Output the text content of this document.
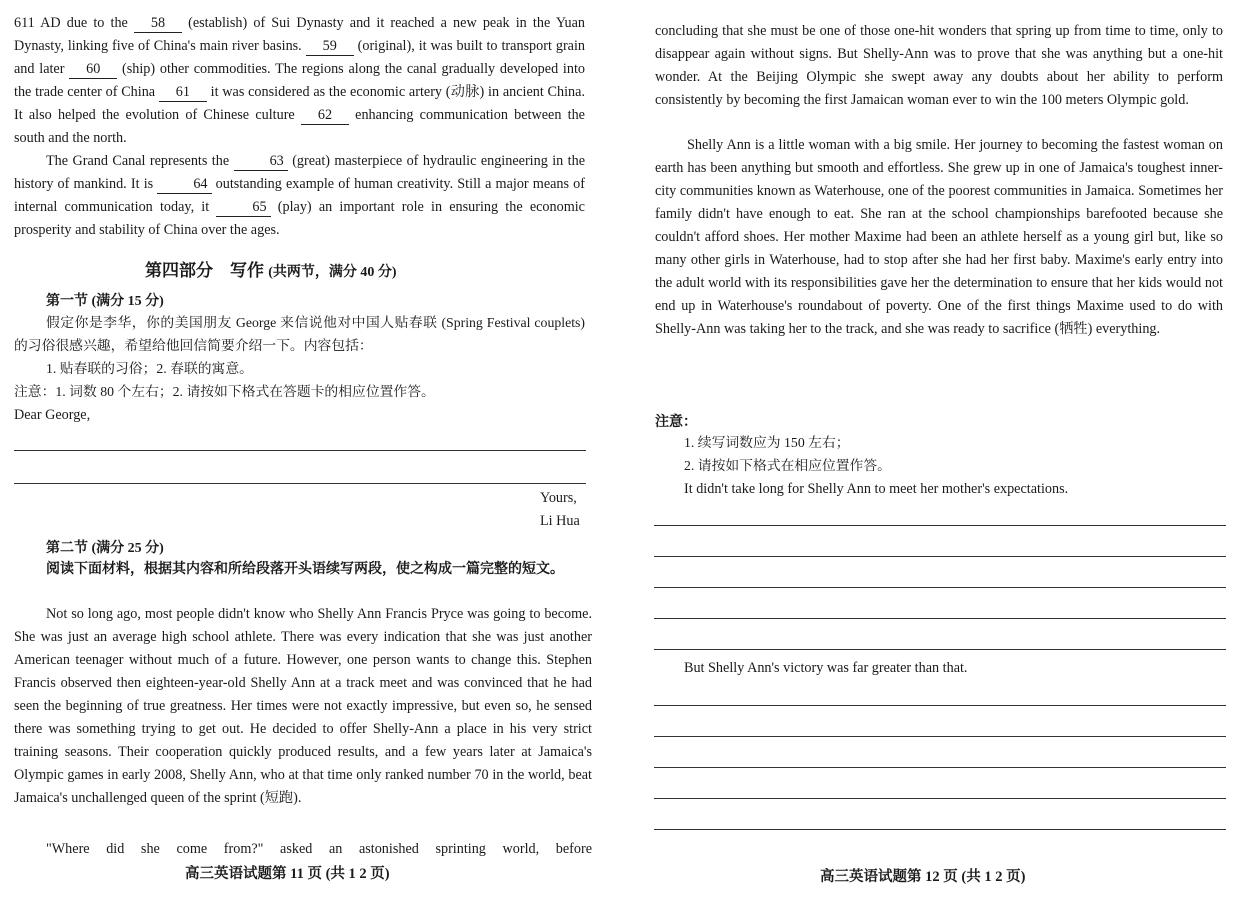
611 AD due to the 58 (establish) of Sui Dynasty and it reached a new peak in the Yuan Dynasty, linking five of China's main river basins. 59 (original), it was built to transport grain and later 60 (ship) other commodities. The regions along the canal gradually developed into the trade center of China 61 it was considered as the economic artery (动脉) in ancient China. It also helped the evolution of Chinese culture 62 enhancing communication between the south and the north.

The Grand Canal represents the	63 (great) masterpiece of hydraulic engineering in the history of mankind. It is	64 outstanding example of human creativity. Still a major means of internal communication today, it	65 (play) an important role in ensuring the economic prosperity and stability of China over the ages.

第四部分　写作 (共两节，满分 40 分)
第一节 (满分 15 分)

假定你是李华，你的美国朋友 George 来信说他对中国人贴春联 (Spring Festival couplets) 的习俗很感兴趣，希望给他回信简要介绍一下。内容包括：

1. 贴春联的习俗；2. 春联的寓意。
注意：1. 词数 80 个左右；2. 请按如下格式在答题卡的相应位置作答。
Dear George,
Yours,
Li Hua
第二节 (满分 25 分)

阅读下面材料，根据其内容和所给段落开头语续写两段，使之构成一篇完整的短文。

Not so long ago, most people didn't know who Shelly Ann Francis Pryce was going to become. She was just an average high school athlete. There was every indication that she was just another American teenager without much of a future. However, one person wants to change this. Stephen Francis observed then eighteen-year-old Shelly Ann at a track meet and was convinced that he had seen the beginning of true greatness. Her times were not exactly impressive, but even so, he sensed there was something trying to get out. He decided to offer Shelly-Ann a place in his very strict training seasons. Their cooperation quickly produced results, and a few years later at Jamaica's Olympic games in early 2008, Shelly Ann, who at that time only ranked number 70 in the world, beat Jamaica's unchallenged queen of the sprint (短跑).

"Where did she come from?" asked an astonished sprinting world, before

高三英语试题第 11 页 (共 1 2 页)

concluding that she must be one of those one-hit wonders that spring up from time to time, only to disappear again without signs. But Shelly-Ann was to prove that she was anything but a one-hit wonder. At the Beijing Olympic she swept away any doubts about her ability to perform consistently by becoming the first Jamaican woman ever to win the 100 meters Olympic gold.

Shelly Ann is a little woman with a big smile. Her journey to becoming the fastest woman on earth has been anything but smooth and effortless. She grew up in one of Jamaica's toughest inner-city communities known as Waterhouse, one of the poorest communities in Jamaica. Sometimes her family didn't have enough to eat. She ran at the school championships barefooted because she couldn't afford shoes. Her mother Maxime had been an athlete herself as a young girl but, like so many other girls in Waterhouse, had to stop after she had her first baby. Maxime's early entry into the adult world with its responsibilities gave her the determination to ensure that her kids would not end up in Waterhouse's roundabout of poverty. One of the first things Maxime used to do with Shelly-Ann was taking her to the track, and she was ready to sacrifice (牺牲) everything.

注意：
1. 续写词数应为 150 左右；
2. 请按如下格式在相应位置作答。
It didn't take long for Shelly Ann to meet her mother's expectations.
But Shelly Ann's victory was far greater than that.
高三英语试题第 12 页 (共 1 2 页)
